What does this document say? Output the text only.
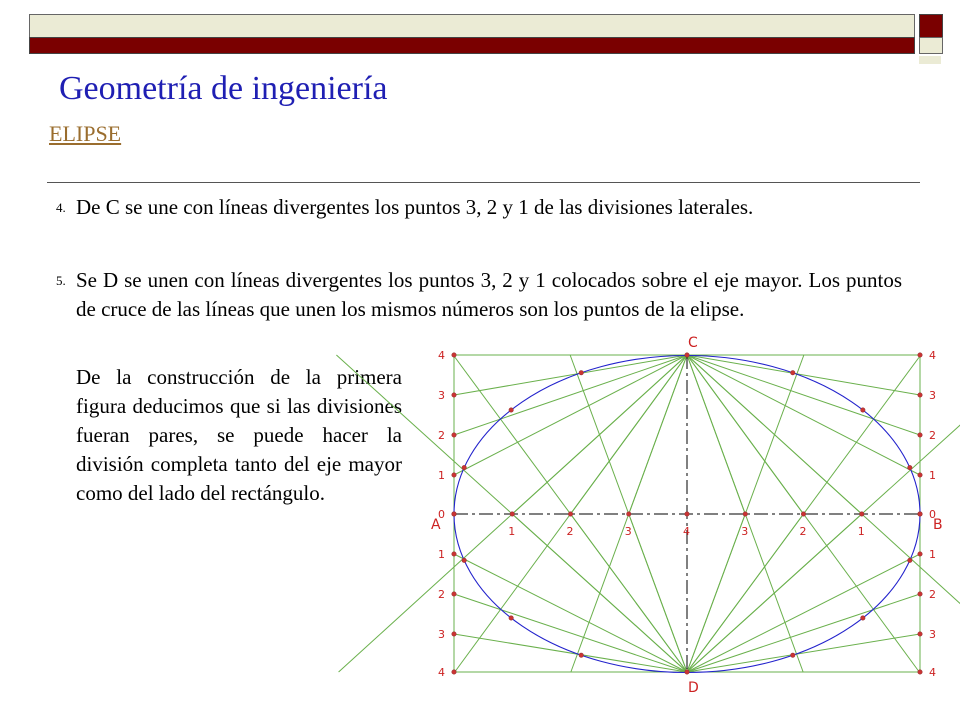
Geometría de ingeniería
ELIPSE

4. De C se une con líneas divergentes los puntos 3, 2 y 1 de las divisiones laterales.

5. Se D se unen con líneas divergentes los puntos 3, 2 y 1 colocados sobre el eje mayor. Los puntos de cruce de las líneas que unen los mismos números son los puntos de la elipse.

De la construcción de la primera figura deducimos que si las divisiones fueran pares, se puede hacer la división completa tanto del eje mayor como del lado del rectángulo.

4	4
3	3
2	2
1	1
0	0
1	1
2	2
3	3
4	4
1	2	3	4	3	2	1
C
D
A	B
